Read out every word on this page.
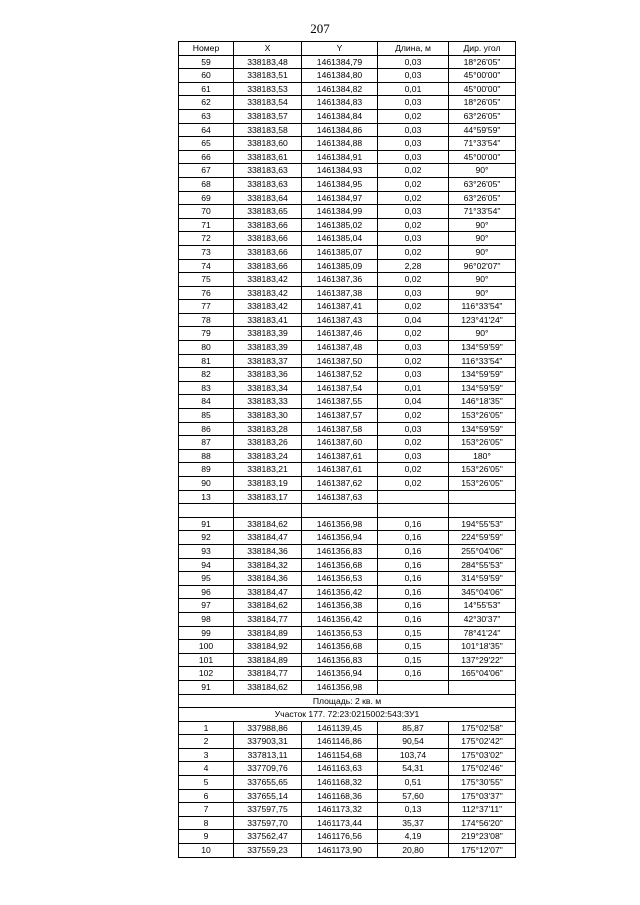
207
Номер	X	Y	Длина, м	Дир. угол
59	338183,48	1461384,79	0,03	18°26'05"
60	338183,51	1461384,80	0,03	45°00'00"
61	338183,53	1461384,82	0,01	45°00'00"
62	338183,54	1461384,83	0,03	18°26'05"
63	338183,57	1461384,84	0,02	63°26'05"
64	338183,58	1461384,86	0,03	44°59'59"
65	338183,60	1461384,88	0,03	71°33'54"
66	338183,61	1461384,91	0,03	45°00'00"
67	338183,63	1461384,93	0,02	90°
68	338183,63	1461384,95	0,02	63°26'05"
69	338183,64	1461384,97	0,02	63°26'05"
70	338183,65	1461384,99	0,03	71°33'54"
71	338183,66	1461385,02	0,02	90°
72	338183,66	1461385,04	0,03	90°
73	338183,66	1461385,07	0,02	90°
74	338183,66	1461385,09	2,28	96°02'07"
75	338183,42	1461387,36	0,02	90°
76	338183,42	1461387,38	0,03	90°
77	338183,42	1461387,41	0,02	116°33'54"
78	338183,41	1461387,43	0,04	123°41'24"
79	338183,39	1461387,46	0,02	90°
80	338183,39	1461387,48	0,03	134°59'59"
81	338183,37	1461387,50	0,02	116°33'54"
82	338183,36	1461387,52	0,03	134°59'59"
83	338183,34	1461387,54	0,01	134°59'59"
84	338183,33	1461387,55	0,04	146°18'35"
85	338183,30	1461387,57	0,02	153°26'05"
86	338183,28	1461387,58	0,03	134°59'59"
87	338183,26	1461387,60	0,02	153°26'05"
88	338183,24	1461387,61	0,03	180°
89	338183,21	1461387,61	0,02	153°26'05"
90	338183,19	1461387,62	0,02	153°26'05"
13	338183,17	1461387,63		

91	338184,62	1461356,98	0,16	194°55'53"
92	338184,47	1461356,94	0,16	224°59'59"
93	338184,36	1461356,83	0,16	255°04'06"
94	338184,32	1461356,68	0,16	284°55'53"
95	338184,36	1461356,53	0,16	314°59'59"
96	338184,47	1461356,42	0,16	345°04'06"
97	338184,62	1461356,38	0,16	14°55'53"
98	338184,77	1461356,42	0,16	42°30'37"
99	338184,89	1461356,53	0,15	78°41'24"
100	338184,92	1461356,68	0,15	101°18'35"
101	338184,89	1461356,83	0,15	137°29'22"
102	338184,77	1461356,94	0,16	165°04'06"
91	338184,62	1461356,98		
Площадь: 2 кв. м				
Участок 177. 72:23:0215002:543:ЗУ1				
1	337988,86	1461139,45	85,87	175°02'58"
2	337903,31	1461146,86	90,54	175°02'42"
3	337813,11	1461154,68	103,74	175°03'02"
4	337709,76	1461163,63	54,31	175°02'46"
5	337655,65	1461168,32	0,51	175°30'55"
6	337655,14	1461168,36	57,60	175°03'37"
7	337597,75	1461173,32	0,13	112°37'11"
8	337597,70	1461173,44	35,37	174°56'20"
9	337562,47	1461176,56	4,19	219°23'08"
10	337559,23	1461173,90	20,80	175°12'07"
